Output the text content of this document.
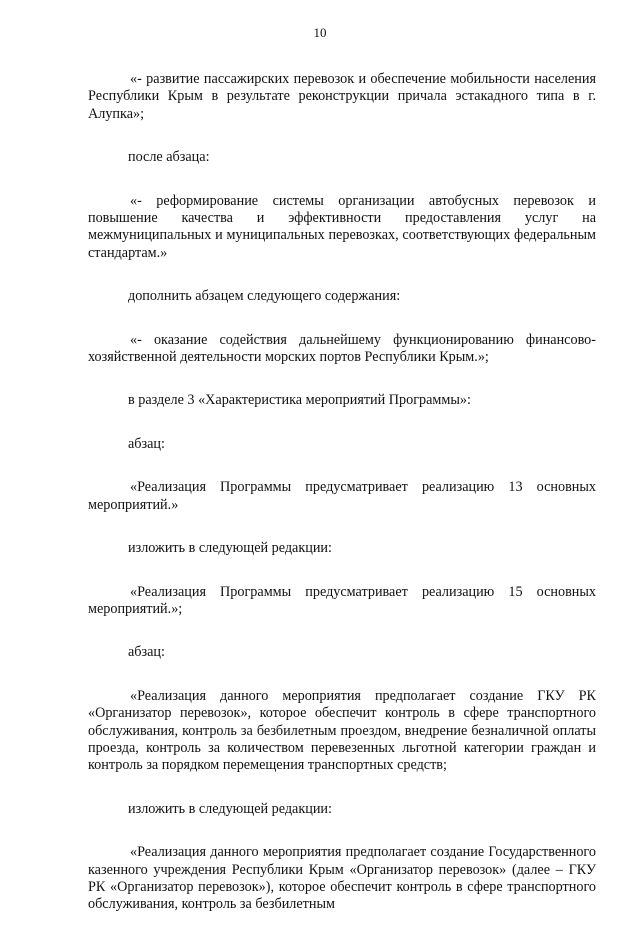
10

«- развитие пассажирских перевозок и обеспечение мобильности населения Республики Крым в результате реконструкции причала эстакадного типа в г. Алупка»;

после абзаца:

«- реформирование системы организации автобусных перевозок и повышение качества и эффективности предоставления услуг на межмуниципальных и муниципальных перевозках, соответствующих федеральным стандартам.»

дополнить абзацем следующего содержания:

«- оказание содействия дальнейшему функционированию финансово-хозяйственной деятельности морских портов Республики Крым.»;

в разделе 3 «Характеристика мероприятий Программы»:

абзац:

«Реализация Программы предусматривает реализацию 13 основных мероприятий.»

изложить в следующей редакции:

«Реализация Программы предусматривает реализацию 15 основных мероприятий.»;

абзац:

«Реализация данного мероприятия предполагает создание ГКУ РК «Организатор перевозок», которое обеспечит контроль в сфере транспортного обслуживания, контроль за безбилетным проездом, внедрение безналичной оплаты проезда, контроль за количеством перевезенных льготной категории граждан и контроль за порядком перемещения транспортных средств;

изложить в следующей редакции:

«Реализация данного мероприятия предполагает создание Государственного казенного учреждения Республики Крым «Организатор перевозок» (далее – ГКУ РК «Организатор перевозок»), которое обеспечит контроль в сфере транспортного обслуживания, контроль за безбилетным
